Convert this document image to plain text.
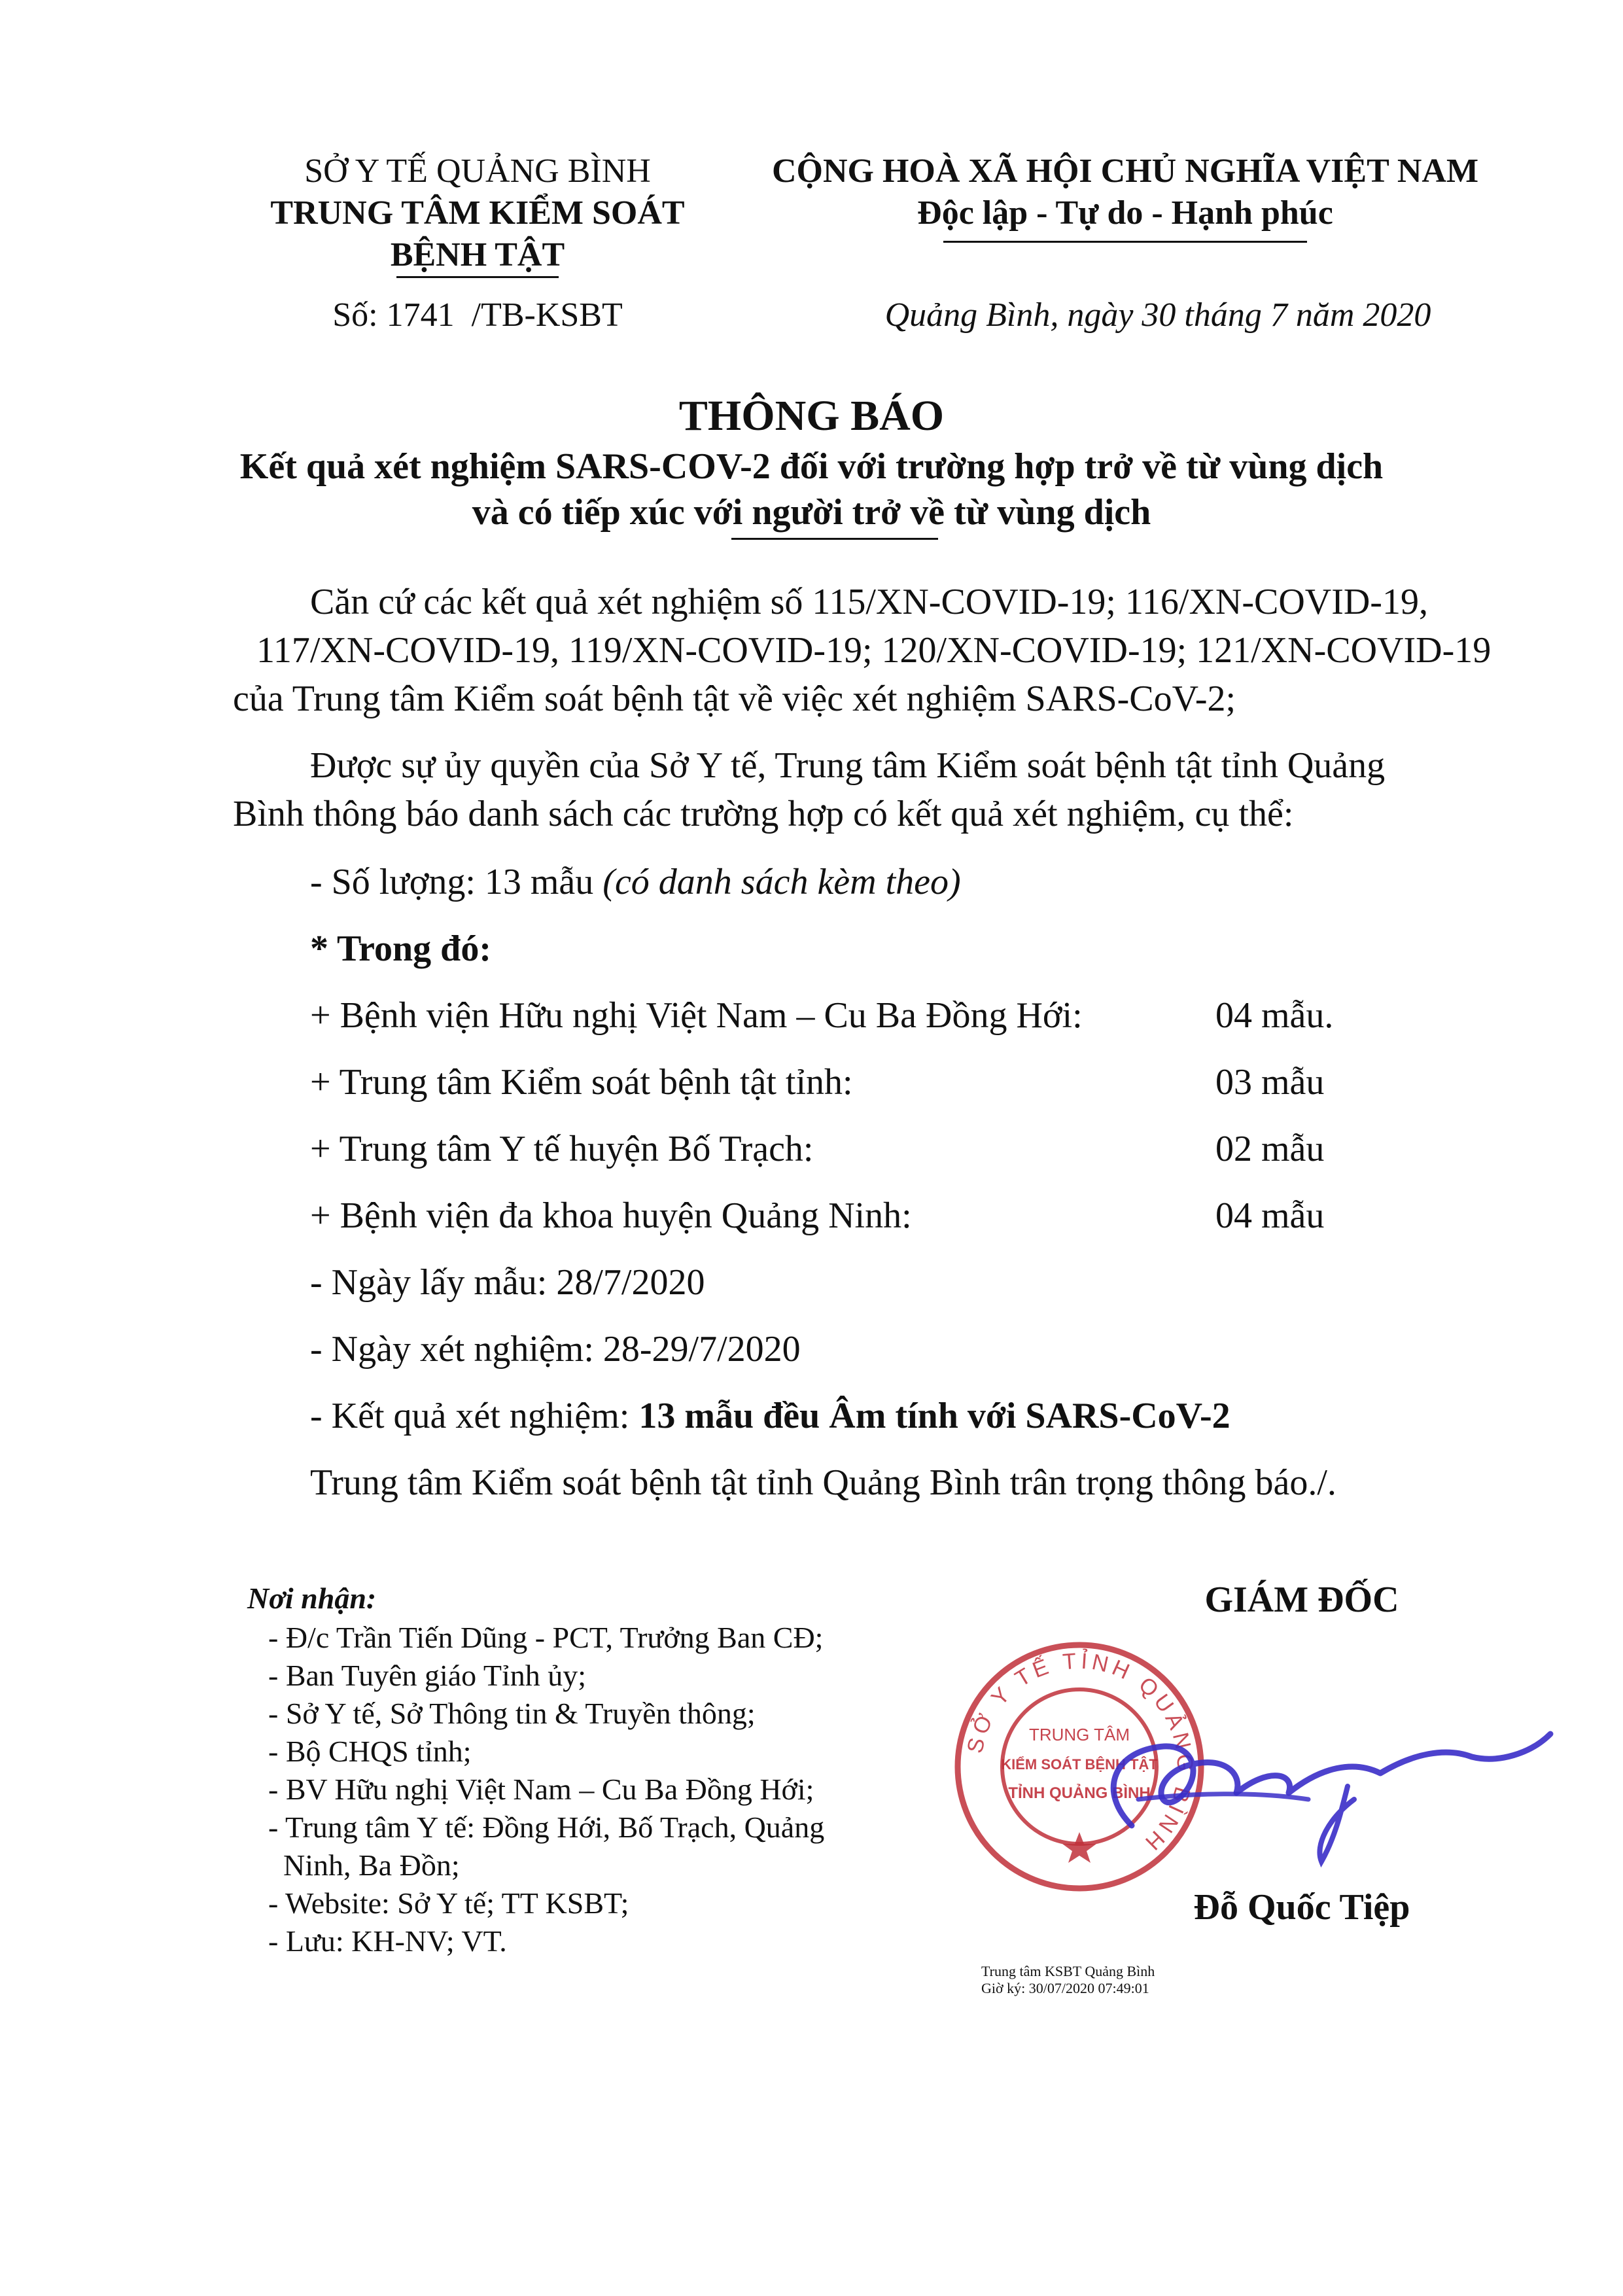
SỞ Y TẾ QUẢNG BÌNH
TRUNG TÂM KIỂM SOÁT
BỆNH TẬT
Số: 1741  /TB-KSBT
CỘNG HOÀ XÃ HỘI CHỦ NGHĨA VIỆT NAM
Độc lập - Tự do - Hạnh phúc
Quảng Bình, ngày 30 tháng 7 năm 2020
THÔNG BÁO
Kết quả xét nghiệm SARS-COV-2 đối với trường hợp trở về từ vùng dịch
và có tiếp xúc với người trở về từ vùng dịch
Căn cứ các kết quả xét nghiệm số 115/XN-COVID-19; 116/XN-COVID-19,
117/XN-COVID-19, 119/XN-COVID-19; 120/XN-COVID-19; 121/XN-COVID-19
của Trung tâm Kiểm soát bệnh tật về việc xét nghiệm SARS-CoV-2;
Được sự ủy quyền của Sở Y tế, Trung tâm Kiểm soát bệnh tật tỉnh Quảng
Bình thông báo danh sách các trường hợp có kết quả xét nghiệm, cụ thể:
- Số lượng: 13 mẫu (có danh sách kèm theo)
* Trong đó:
+ Bệnh viện Hữu nghị Việt Nam – Cu Ba Đồng Hới:	04 mẫu.
+ Trung tâm Kiểm soát bệnh tật tỉnh:	03 mẫu
+ Trung tâm Y tế huyện Bố Trạch:	02 mẫu
+ Bệnh viện đa khoa huyện Quảng Ninh:	04 mẫu
- Ngày lấy mẫu: 28/7/2020
- Ngày xét nghiệm: 28-29/7/2020
- Kết quả xét nghiệm: 13 mẫu đều Âm tính với SARS-CoV-2
Trung tâm Kiểm soát bệnh tật tỉnh Quảng Bình trân trọng thông báo./.
Nơi nhận:
- Đ/c Trần Tiến Dũng - PCT, Trưởng Ban CĐ;
- Ban Tuyên giáo Tỉnh ủy;
- Sở Y tế, Sở Thông tin & Truyền thông;
- Bộ CHQS tỉnh;
- BV Hữu nghị Việt Nam – Cu Ba Đồng Hới;
- Trung tâm Y tế: Đồng Hới, Bố Trạch, Quảng
Ninh, Ba Đồn;
- Website: Sở Y tế; TT KSBT;
- Lưu: KH-NV; VT.
GIÁM ĐỐC
SỞ Y TẾ TỈNH QUẢNG BÌNH
TRUNG TÂM
KIỂM SOÁT BỆNH TẬT
TỈNH QUẢNG BÌNH
Đỗ Quốc Tiệp
Trung tâm KSBT Quảng Bình
Giờ ký: 30/07/2020 07:49:01
